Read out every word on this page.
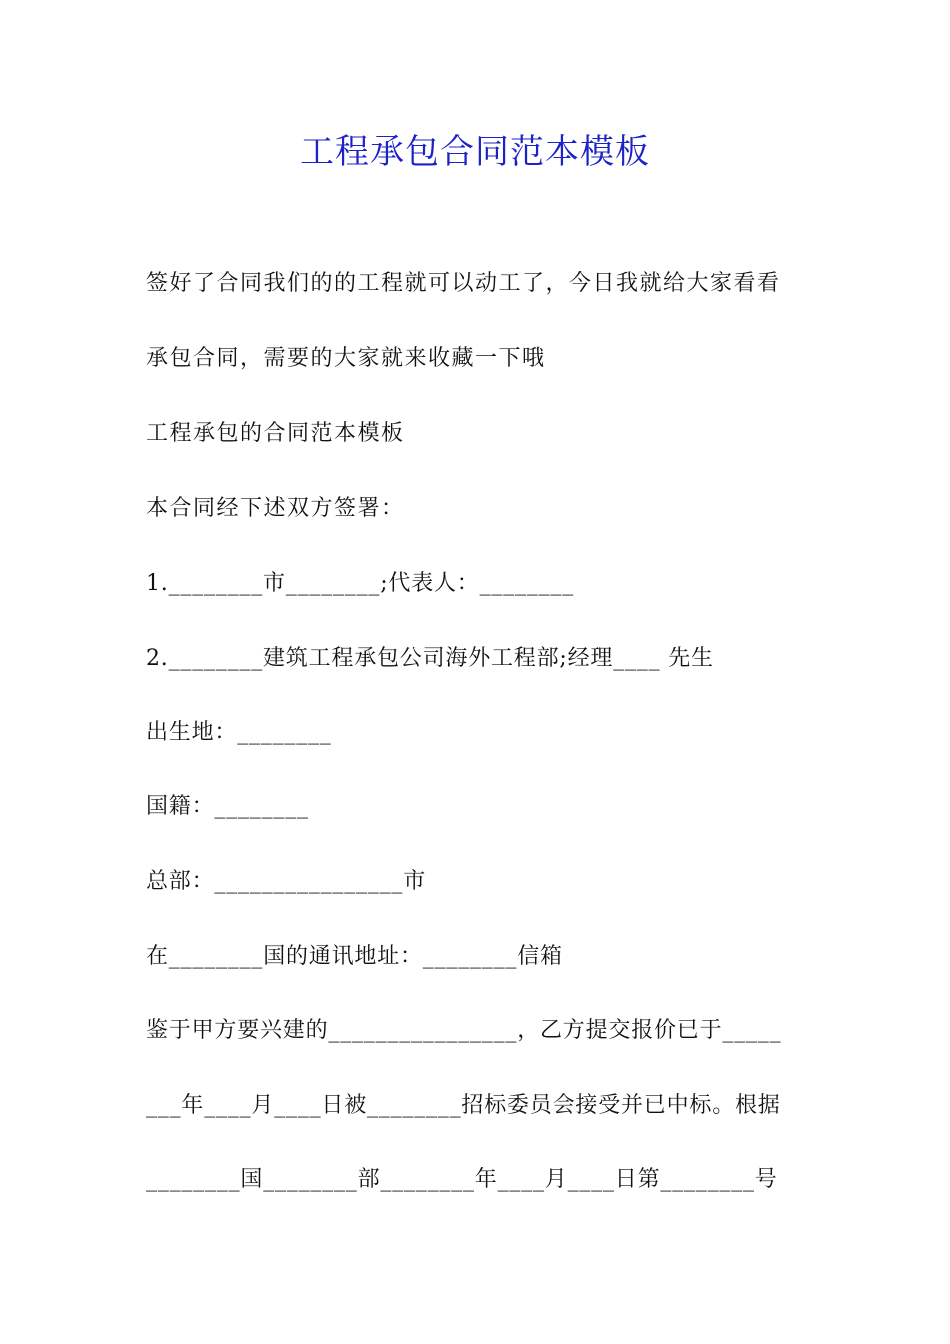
工程承包合同范本模板
签好了合同我们的的工程就可以动工了，今日我就给大家看看
承包合同，需要的大家就来收藏一下哦
工程承包的合同范本模板
本合同经下述双方签署：
1.________市________;代表人：________
2.________建筑工程承包公司海外工程部;经理____ 先生
出生地：________
国籍：________
总部：________________市
在________国的通讯地址：________信箱
鉴于甲方要兴建的________________，乙方提交报价已于_____
___年____月____日被________招标委员会接受并已中标。根据
________国________部________年____月____日第________号
